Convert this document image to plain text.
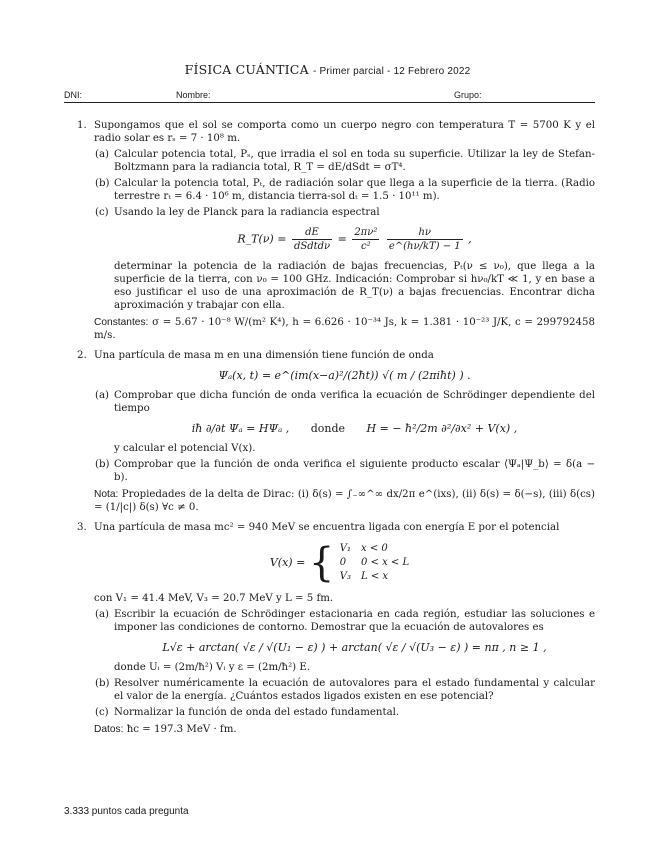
FÍSICA CUÁNTICA - Primer parcial - 12 Febrero 2022
DNI:	Nombre:	Grupo:
1. Supongamos que el sol se comporta como un cuerpo negro con temperatura T = 5700 K y el radio solar es rₛ = 7 · 10⁸ m.
(a) Calcular potencia total, Pₛ, que irradia el sol en toda su superficie. Utilizar la ley de Stefan-Boltzmann para la radiancia total, R_T = dE/dSdt = σT⁴.
(b) Calcular la potencia total, Pₜ, de radiación solar que llega a la superficie de la tierra. (Radio terrestre rₜ = 6.4 · 10⁶ m, distancia tierra-sol dₜ = 1.5 · 10¹¹ m).
(c) Usando la ley de Planck para la radiancia espectral
R_T(ν) = $\frac{dE}{\text{dSdtdν}} = \frac{\text{2πν²}}{\text{c²}}$
$\frac{h\nu}{e\^{}(h\nu/kT) - 1}$ ,
determinar la potencia de la radiación de bajas frecuencias, Pₜ(ν ≤ ν₀), que llega a la superficie de la tierra, con ν₀ = 100 GHz. Indicación: Comprobar si hν₀/kT ≪ 1, y en base a eso justificar el uso de una aproximación de R_T(ν) a bajas frecuencias. Encontrar dicha aproximación y trabajar con ella.
Constantes: σ = 5.67 · 10⁻⁸ W/(m² K⁴), h = 6.626 · 10⁻³⁴ Js, k = 1.381 · 10⁻²³ J/K, c = 299792458 m/s.
2. Una partícula de masa m en una dimensión tiene función de onda
Ψₐ(x, t) = e^(im(x−a)²/(2ħt)) √( m / (2πiħt) ) .
(a) Comprobar que dicha función de onda verifica la ecuación de Schrödinger dependiente del tiempo
iħ ∂/∂t Ψₐ = HΨₐ , donde H = − ħ²/2m ∂²/∂x² + V(x) ,
y calcular el potencial V(x).
(b) Comprobar que la función de onda verifica el siguiente producto escalar ⟨Ψₐ|Ψ_b⟩ = δ(a − b).
Nota: Propiedades de la delta de Dirac: (i) δ(s) = ∫₋∞^∞ dx/2π e^(ixs), (ii) δ(s) = δ(−s), (iii) δ(cs) = (1/|c|) δ(s) ∀c ≠ 0.
3. Una partícula de masa mc² = 940 MeV se encuentra ligada con energía E por el potencial
V(x) = { V₁	x < 0
0	0 < x < L
V₃	L < x
con V₁ = 41.4 MeV, V₃ = 20.7 MeV y L = 5 fm.
(a) Escribir la ecuación de Schrödinger estacionaria en cada región, estudiar las soluciones e imponer las condiciones de contorno. Demostrar que la ecuación de autovalores es
L√ε + arctan( √ε / √(U₁ − ε) ) + arctan( √ε / √(U₃ − ε) ) = nπ , n ≥ 1 ,
donde Uᵢ = (2m/ħ²) Vᵢ y ε = (2m/ħ²) E.
(b) Resolver numéricamente la ecuación de autovalores para el estado fundamental y calcular el valor de la energía. ¿Cuántos estados ligados existen en ese potencial?
(c) Normalizar la función de onda del estado fundamental.
Datos: ħc = 197.3 MeV · fm.
3.333 puntos cada pregunta
